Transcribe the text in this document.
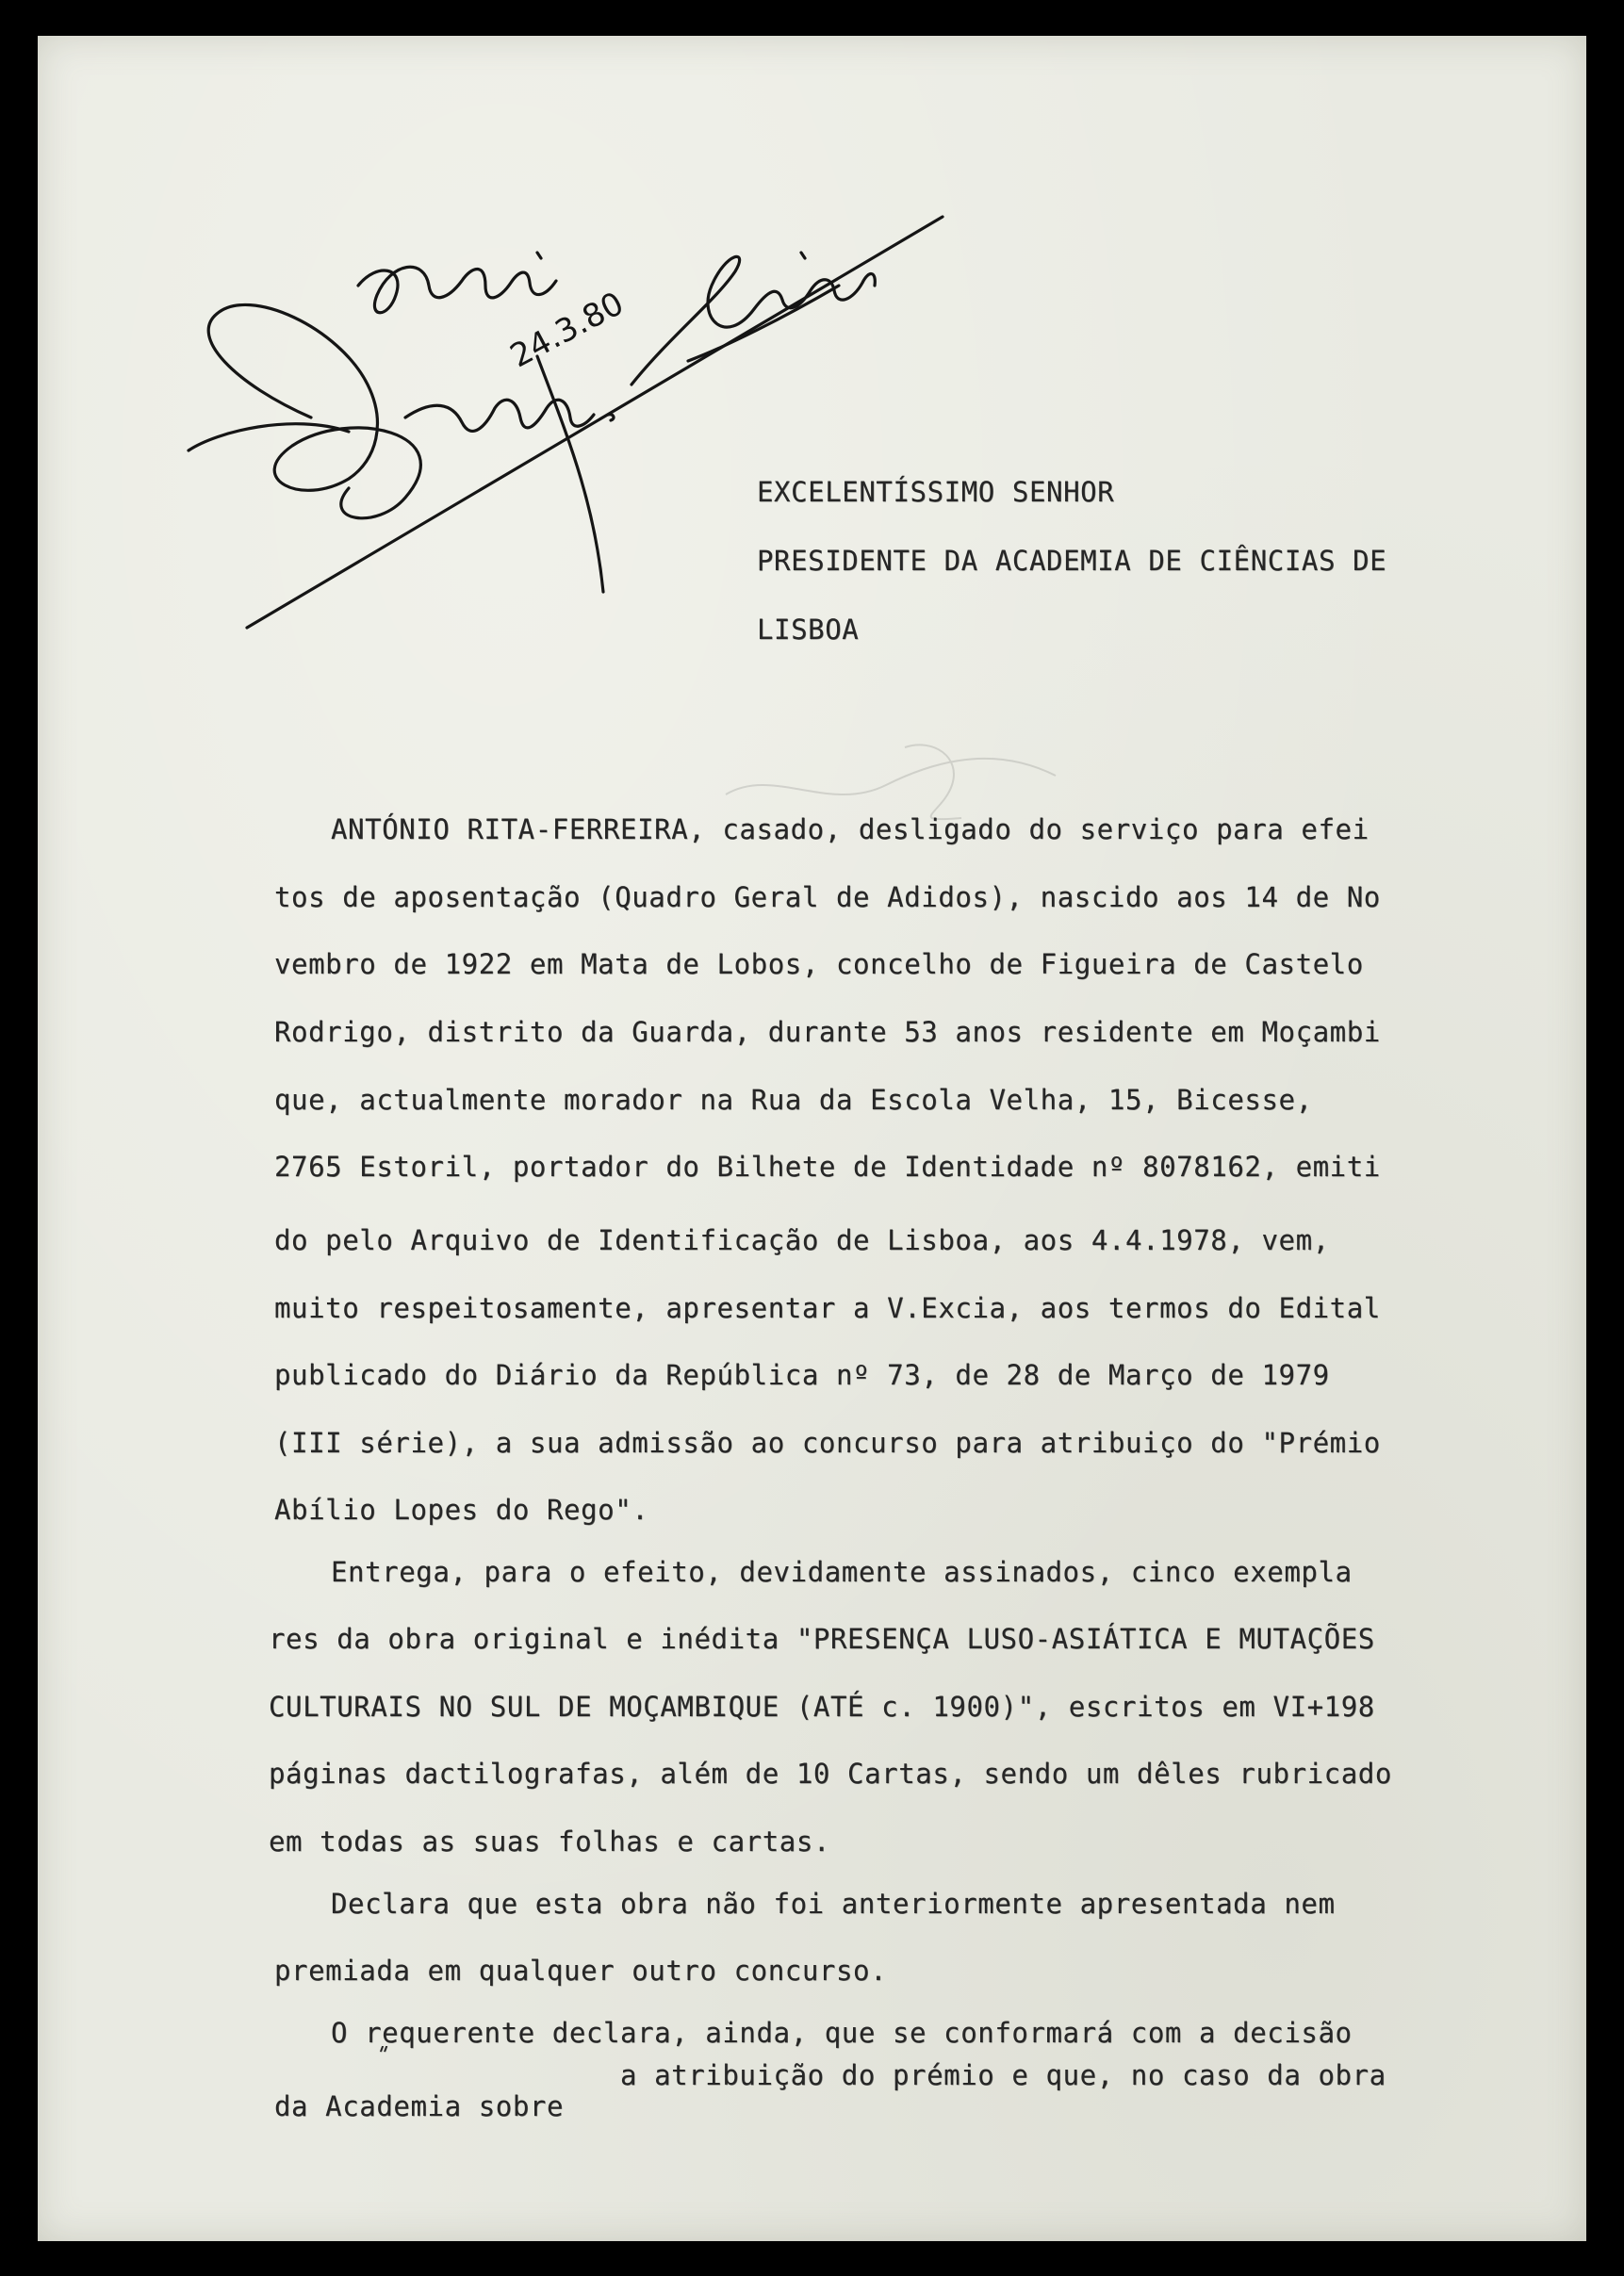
24.3.80

EXCELENTÍSSIMO SENHOR

PRESIDENTE DA ACADEMIA DE CIÊNCIAS DE

LISBOA

ANTÓNIO RITA-FERREIRA, casado, desligado do serviço para efei

tos de aposentação (Quadro Geral de Adidos), nascido aos 14 de No

vembro de 1922 em Mata de Lobos, concelho de Figueira de Castelo

Rodrigo, distrito da Guarda, durante 53 anos residente em Moçambi

que, actualmente morador na Rua da Escola Velha, 15, Bicesse,

2765 Estoril, portador do Bilhete de Identidade nº 8078162, emiti

do pelo Arquivo de Identificação de Lisboa, aos 4.4.1978, vem,

muito respeitosamente, apresentar a V.Excia, aos termos do Edital

publicado do Diário da República nº 73, de 28 de Março de 1979

(III série), a sua admissão ao concurso para atribuiço do "Prémio

Abílio Lopes do Rego".

Entrega, para o efeito, devidamente assinados, cinco exempla

res da obra original e inédita "PRESENÇA LUSO-ASIÁTICA E MUTAÇÕES

CULTURAIS NO SUL DE MOÇAMBIQUE (ATÉ c. 1900)", escritos em VI+198

páginas dactilografas, além de 10 Cartas, sendo um dêles rubricado

em todas as suas folhas e cartas.

Declara que esta obra não foi anteriormente apresentada nem

premiada em qualquer outro concurso.

O requerente declara, ainda, que se conformará com a decisão

a atribuição do prémio e que, no caso da obra

da Academia sobre

"
